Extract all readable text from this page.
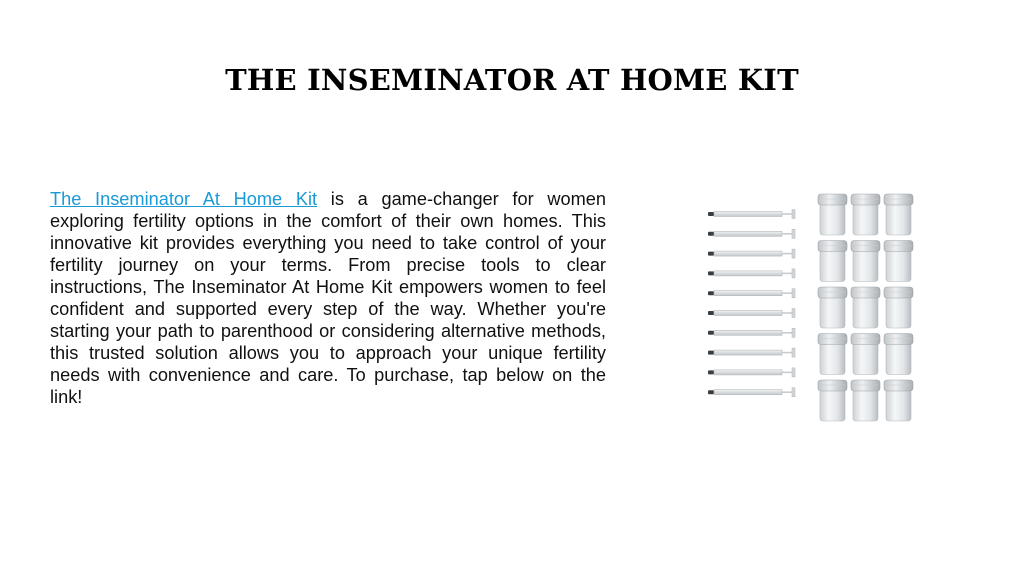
THE INSEMINATOR AT HOME KIT

The Inseminator At Home Kit is a game-changer for women exploring fertility options in the comfort of their own homes. This innovative kit provides everything you need to take control of your fertility journey on your terms. From precise tools to clear instructions, The Inseminator At Home Kit empowers women to feel confident and supported every step of the way. Whether you're starting your path to parenthood or considering alternative methods, this trusted solution allows you to approach your unique fertility needs with convenience and care. To purchase, tap below on the link!
